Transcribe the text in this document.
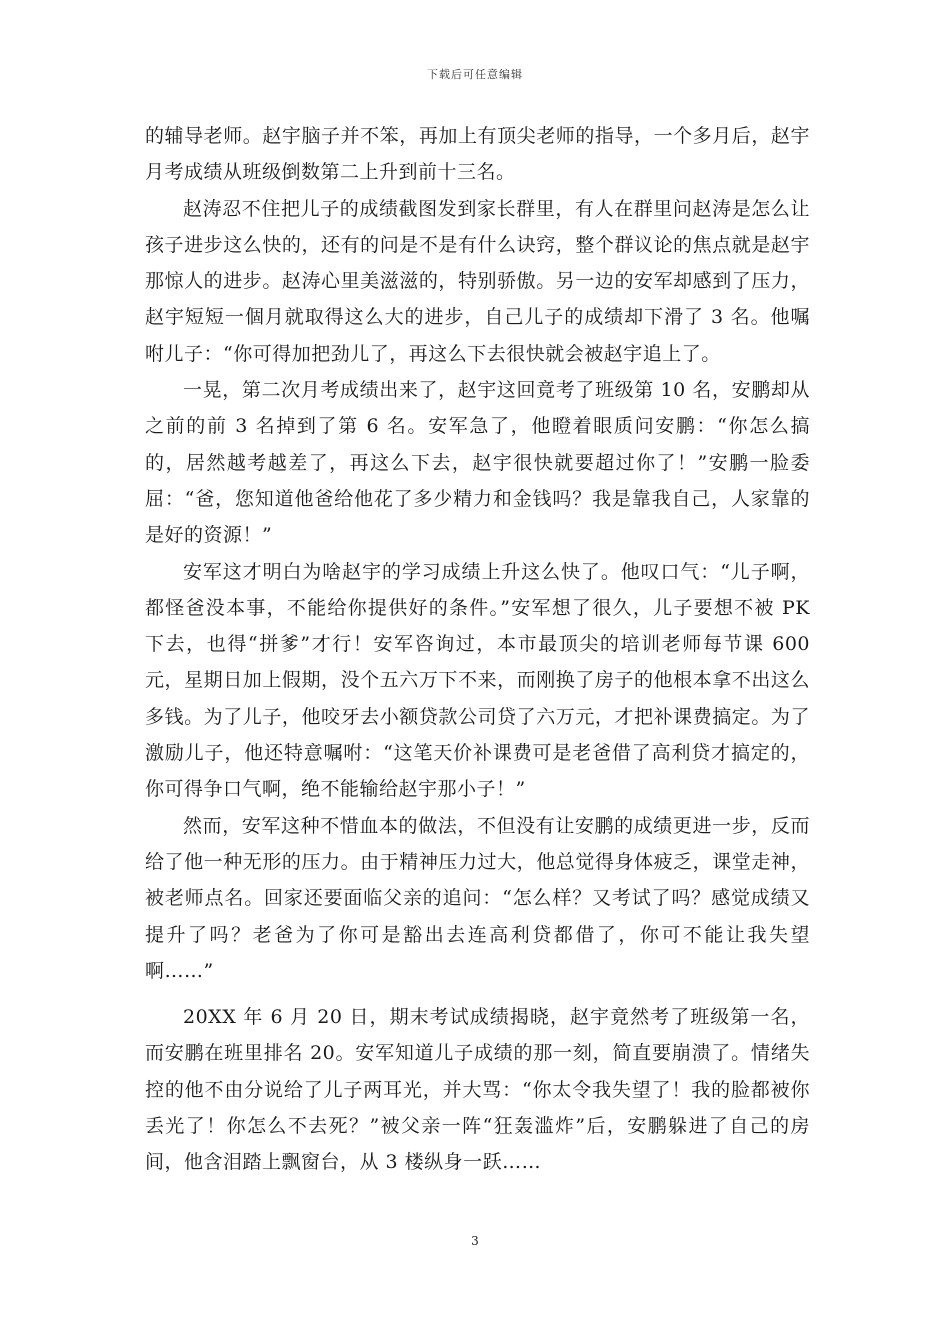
下载后可任意编辑

的辅导老师。赵宇脑子并不笨，再加上有顶尖老师的指导，一个多月后，赵宇月考成绩从班级倒数第二上升到前十三名。

赵涛忍不住把儿子的成绩截图发到家长群里，有人在群里问赵涛是怎么让孩子进步这么快的，还有的问是不是有什么诀窍，整个群议论的焦点就是赵宇那惊人的进步。赵涛心里美滋滋的，特别骄傲。另一边的安军却感到了压力，赵宇短短一個月就取得这么大的进步，自己儿子的成绩却下滑了 3 名。他嘱咐儿子：“你可得加把劲儿了，再这么下去很快就会被赵宇追上了。

一晃，第二次月考成绩出来了，赵宇这回竟考了班级第 10 名，安鹏却从之前的前 3 名掉到了第 6 名。安军急了，他瞪着眼质问安鹏：“你怎么搞的，居然越考越差了，再这么下去，赵宇很快就要超过你了！”安鹏一脸委屈：“爸，您知道他爸给他花了多少精力和金钱吗？我是靠我自己，人家靠的是好的资源！”

安军这才明白为啥赵宇的学习成绩上升这么快了。他叹口气：“儿子啊，都怪爸没本事，不能给你提供好的条件。”安军想了很久，儿子要想不被 PK 下去，也得“拼爹”才行！安军咨询过，本市最顶尖的培训老师每节课 600 元，星期日加上假期，没个五六万下不来，而刚换了房子的他根本拿不出这么多钱。为了儿子，他咬牙去小额贷款公司贷了六万元，才把补课费搞定。为了激励儿子，他还特意嘱咐：“这笔天价补课费可是老爸借了高利贷才搞定的，你可得争口气啊，绝不能输给赵宇那小子！”

然而，安军这种不惜血本的做法，不但没有让安鹏的成绩更进一步，反而给了他一种无形的压力。由于精神压力过大，他总觉得身体疲乏，课堂走神，被老师点名。回家还要面临父亲的追问：“怎么样？又考试了吗？感觉成绩又提升了吗？老爸为了你可是豁出去连高利贷都借了，你可不能让我失望啊……”

20XX 年 6 月 20 日，期末考试成绩揭晓，赵宇竟然考了班级第一名，而安鹏在班里排名 20。安军知道儿子成绩的那一刻，简直要崩溃了。情绪失控的他不由分说给了儿子两耳光，并大骂：“你太令我失望了！我的脸都被你丢光了！你怎么不去死？”被父亲一阵“狂轰滥炸”后，安鹏躲进了自己的房间，他含泪踏上飘窗台，从 3 楼纵身一跃……

3
